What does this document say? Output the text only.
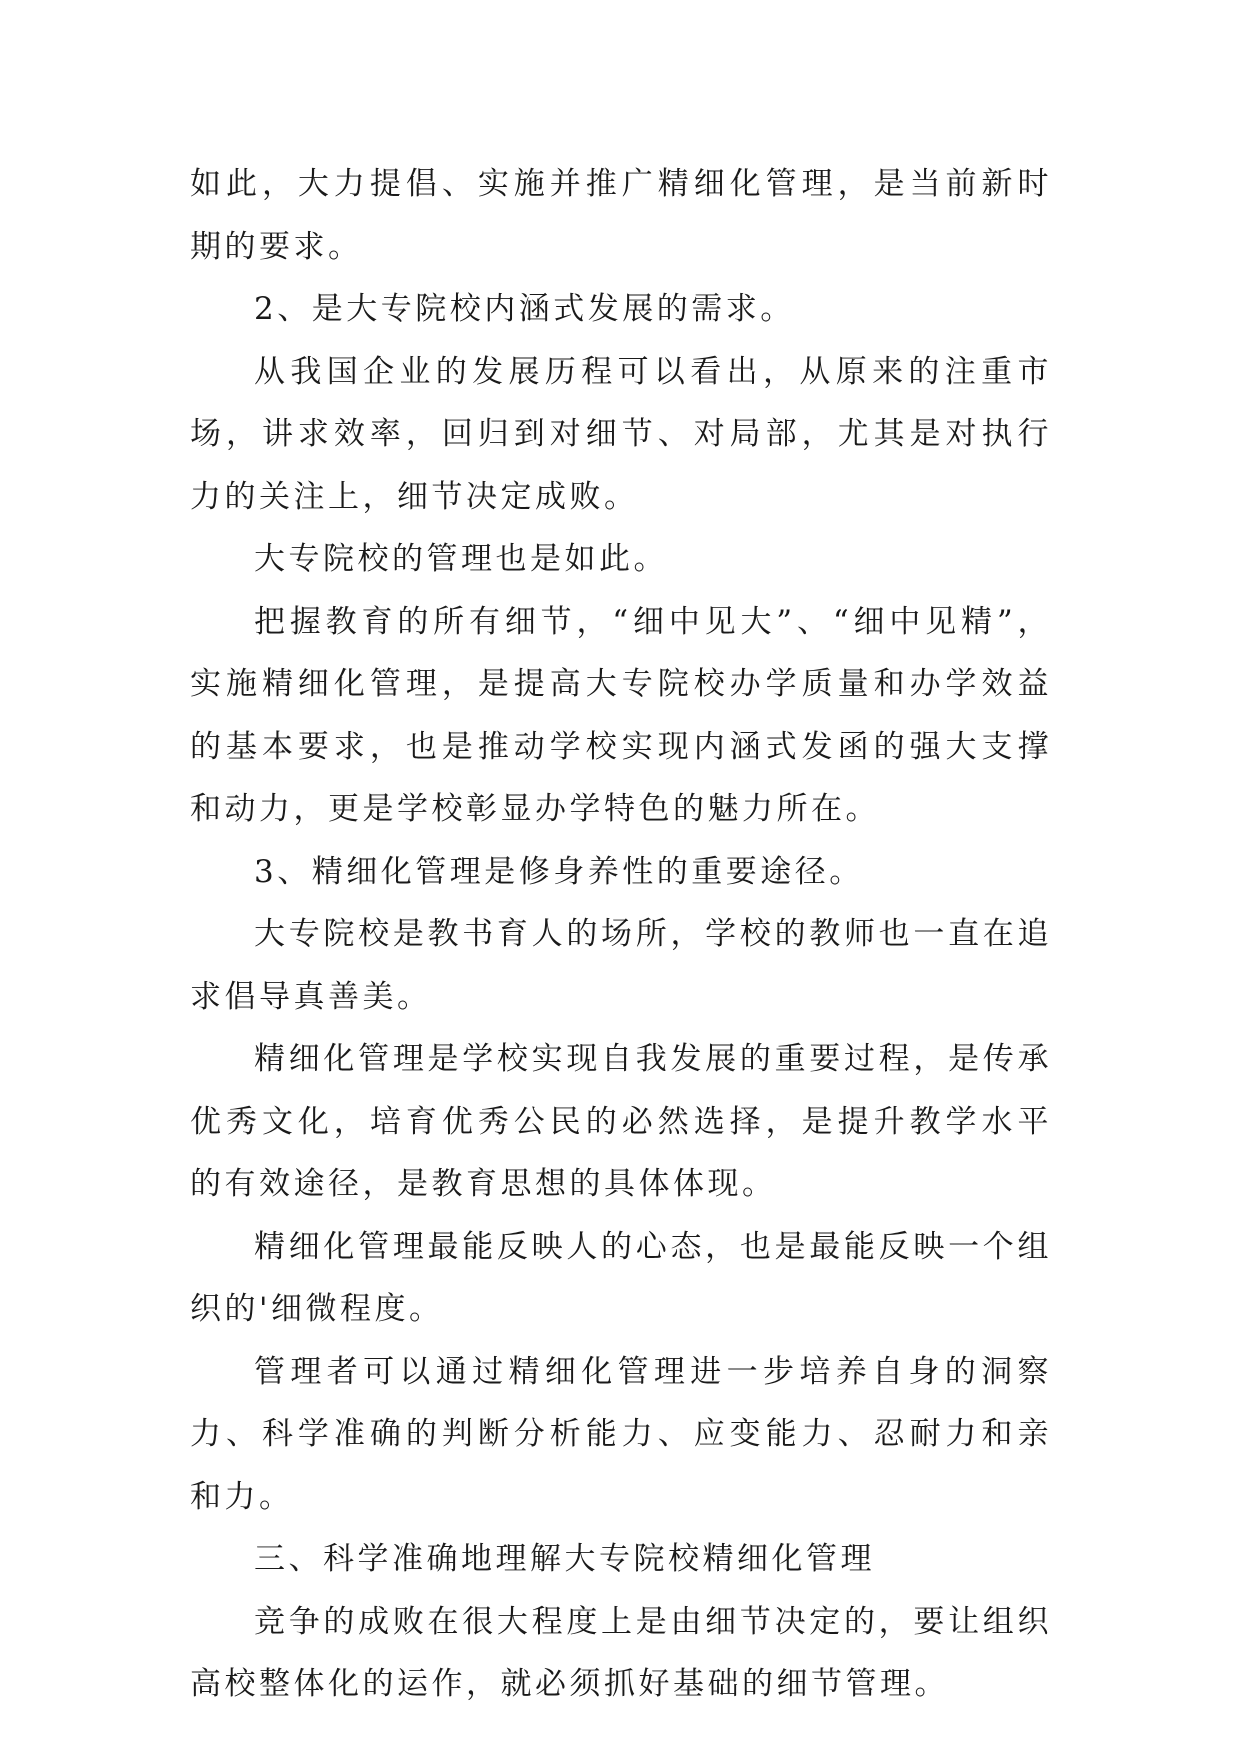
如此，大力提倡、实施并推广精细化管理，是当前新时期的要求。

2、是大专院校内涵式发展的需求。

从我国企业的发展历程可以看出，从原来的注重市场，讲求效率，回归到对细节、对局部，尤其是对执行力的关注上，细节决定成败。

大专院校的管理也是如此。

把握教育的所有细节，“细中见大”、“细中见精”，实施精细化管理，是提高大专院校办学质量和办学效益的基本要求，也是推动学校实现内涵式发函的强大支撑和动力，更是学校彰显办学特色的魅力所在。

3、精细化管理是修身养性的重要途径。

大专院校是教书育人的场所，学校的教师也一直在追求倡导真善美。

精细化管理是学校实现自我发展的重要过程，是传承优秀文化，培育优秀公民的必然选择，是提升教学水平的有效途径，是教育思想的具体体现。

精细化管理最能反映人的心态，也是最能反映一个组织的'细微程度。

管理者可以通过精细化管理进一步培养自身的洞察力、科学准确的判断分析能力、应变能力、忍耐力和亲和力。

三、科学准确地理解大专院校精细化管理

竞争的成败在很大程度上是由细节决定的，要让组织高校整体化的运作，就必须抓好基础的细节管理。
